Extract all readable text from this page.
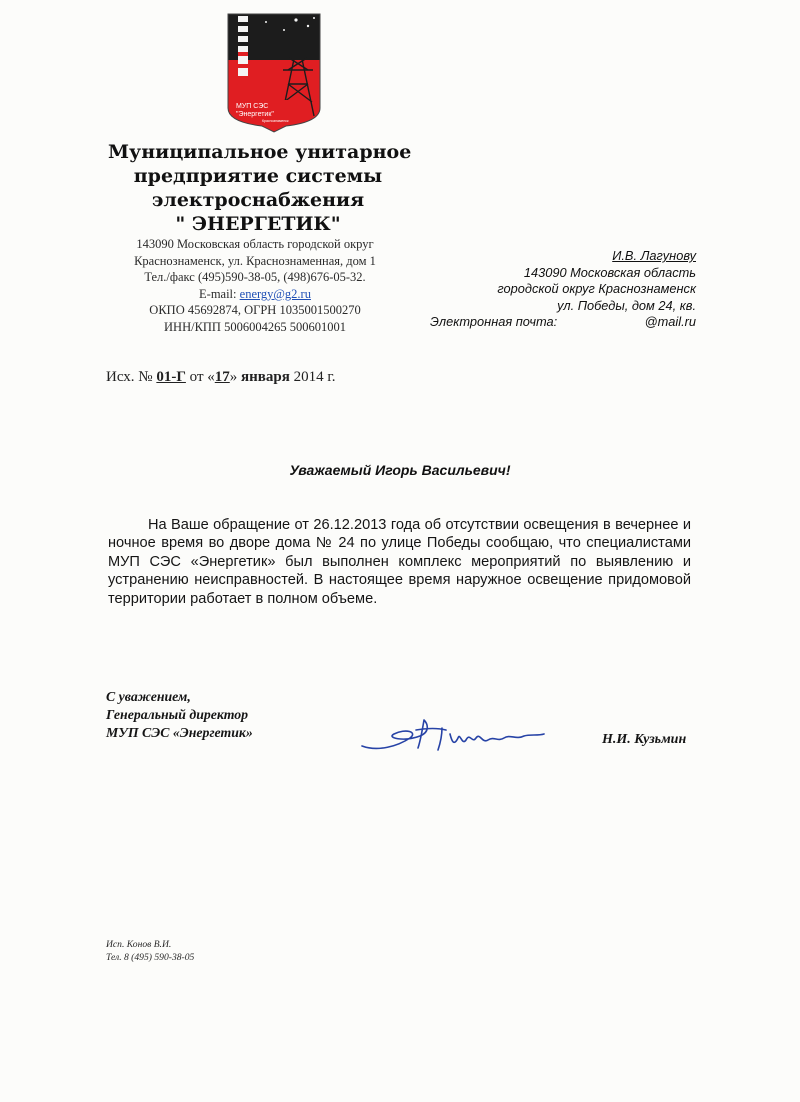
МУП СЭС
"Энергетик"
Краснознаменск
Муниципальное унитарное
предприятие системы
электроснабжения
" ЭНЕРГЕТИК"
143090 Московская область городской округ
Краснознаменск, ул. Краснознаменная, дом 1
Тел./факс (495)590-38-05, (498)676-05-32.
E-mail: energy@g2.ru
ОКПО 45692874, ОГРН 1035001500270
ИНН/КПП 5006004265 500601001
И.В. Лагунову
143090 Московская область
городской округ Краснознаменск
ул. Победы, дом 24, кв.
Электронная почта:	@mail.ru
Исх. № 01-Г от «17» января 2014 г.
Уважаемый Игорь Васильевич!
На Ваше обращение от 26.12.2013 года об отсутствии освещения в вечернее и ночное время во дворе дома № 24 по улице Победы сообщаю, что специалистами МУП СЭС «Энергетик» был выполнен комплекс мероприятий по выявлению и устранению неисправностей. В настоящее время наружное освещение придомовой территории работает в полном объеме.
С уважением,
Генеральный директор
МУП СЭС «Энергетик»	Н.И. Кузьмин
Исп. Конов В.И.
Тел. 8 (495) 590-38-05
